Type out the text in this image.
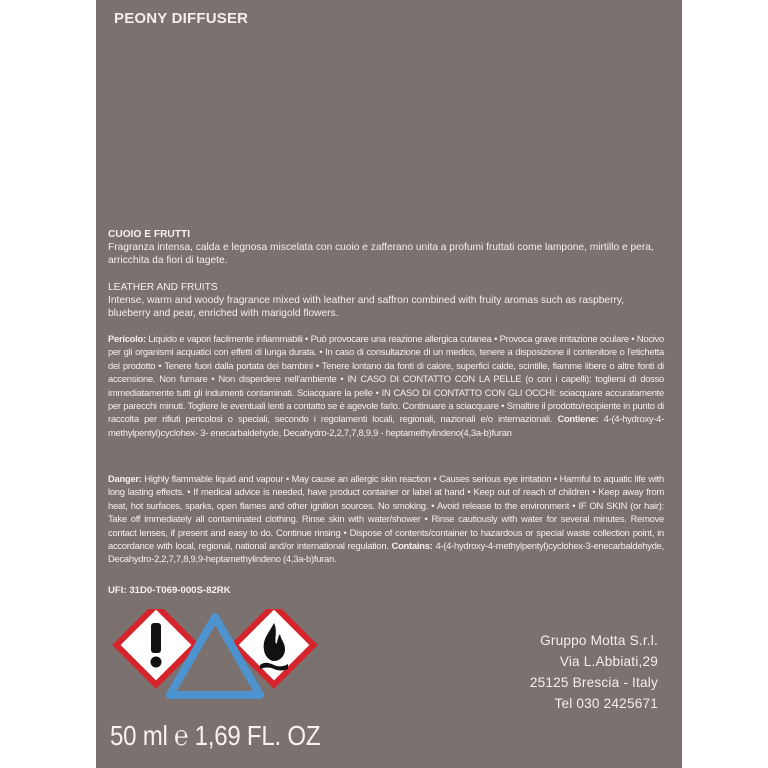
PEONY DIFFUSER
CUOIO E FRUTTI

Fragranza intensa, calda e legnosa miscelata con cuoio e zafferano unita a profumi fruttati come lampone, mirtillo e pera, arricchita da fiori di tagete.

LEATHER AND FRUITS

Intense, warm and woody fragrance mixed with leather and saffron combined with fruity aromas such as raspberry, blueberry and pear, enriched with marigold flowers.

Pericolo: Liquido e vapori facilmente infiammabili • Può provocare una reazione allergica cutanea • Provoca grave irritazione oculare • Nocivo per gli organismi acquatici con effetti di lunga durata. • In caso di consultazione di un medico, tenere a disposizione il contenitore o l'etichetta del prodotto • Tenere fuori dalla portata dei bambini • Tenere lontano da fonti di calore, superfici calde, scintille, fiamme libere o altre fonti di accensione. Non fumare • Non disperdere nell'ambiente • IN CASO DI CONTATTO CON LA PELLE (o con i capelli): togliersi di dosso immediatamente tutti gli indumenti contaminati. Sciacquare la pelle • IN CASO DI CONTATTO CON GLI OCCHI: sciacquare accuratamente per parecchi minuti. Togliere le eventuali lenti a contatto se è agevole farlo. Continuare a sciacquare • Smaltire il prodotto/recipiente in punto di raccolta per rifiuti pericolosi o speciali, secondo i regolamenti locali, regionali, nazionali e/o internazionali. Contiene: 4-(4-hydroxy-4-methylpentyl)cyclohex- 3- enecarbaldehyde, Decahydro-2,2,7,7,8,9,9 - heptamethylindeno(4,3a-b)furan
Danger: Highly flammable liquid and vapour • May cause an allergic skin reaction • Causes serious eye irritation • Harmful to aquatic life with long lasting effects. • If medical advice is needed, have product container or label at hand • Keep out of reach of children • Keep away from heat, hot surfaces, sparks, open flames and other ignition sources. No smoking. • Avoid release to the environment • IF ON SKIN (or hair): Take off immediately all contaminated clothing. Rinse skin with water/shower • Rinse cautiously with water for several minutes. Remove contact lenses, if present and easy to do. Continue rinsing • Dispose of contents/container to hazardous or special waste collection point, in accordance with local, regional, national and/or international regulation. Contains: 4-(4-hydroxy-4-methylpentyl)cyclohex-3-enecarbaldehyde, Decahydro-2,2,7,7,8,9,9-heptamethylindeno (4,3a-b)furan.
UFI: 31D0-T069-000S-82RK
Gruppo Motta S.r.l.
Via L.Abbiati,29
25125 Brescia - Italy
Tel 030 2425671
50 ml ℮ 1,69 FL. OZ
